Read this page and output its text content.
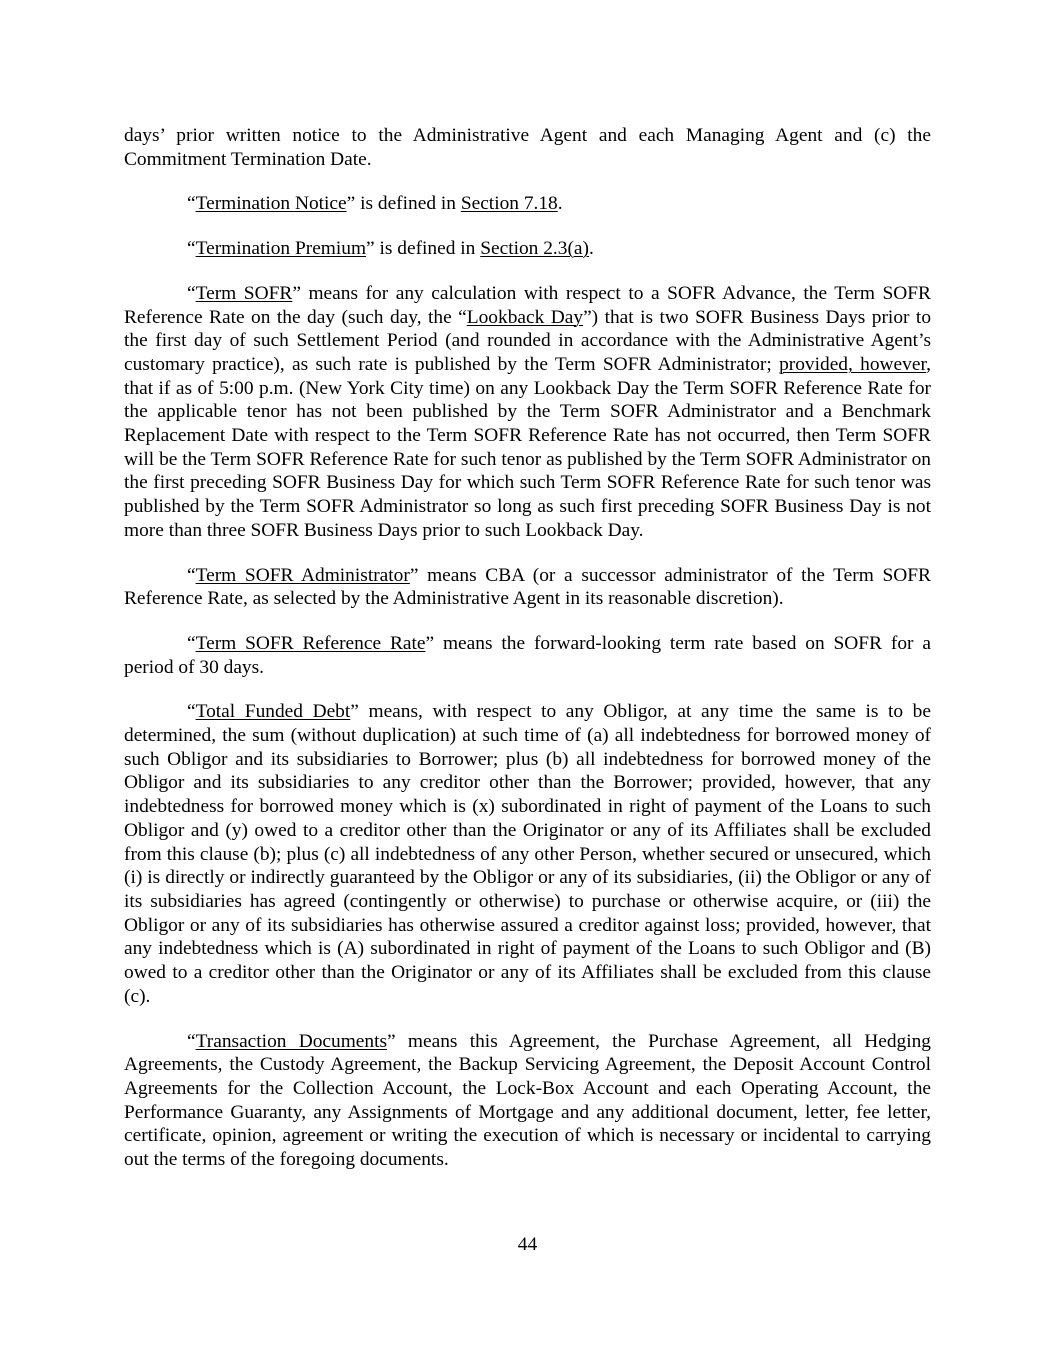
days’ prior written notice to the Administrative Agent and each Managing Agent and (c) the Commitment Termination Date.

“Termination Notice” is defined in Section 7.18.

“Termination Premium” is defined in Section 2.3(a).

“Term SOFR” means for any calculation with respect to a SOFR Advance, the Term SOFR Reference Rate on the day (such day, the “Lookback Day”) that is two SOFR Business Days prior to the first day of such Settlement Period (and rounded in accordance with the Administrative Agent’s customary practice), as such rate is published by the Term SOFR Administrator; provided, however, that if as of 5:00 p.m. (New York City time) on any Lookback Day the Term SOFR Reference Rate for the applicable tenor has not been published by the Term SOFR Administrator and a Benchmark Replacement Date with respect to the Term SOFR Reference Rate has not occurred, then Term SOFR will be the Term SOFR Reference Rate for such tenor as published by the Term SOFR Administrator on the first preceding SOFR Business Day for which such Term SOFR Reference Rate for such tenor was published by the Term SOFR Administrator so long as such first preceding SOFR Business Day is not more than three SOFR Business Days prior to such Lookback Day.

“Term SOFR Administrator” means CBA (or a successor administrator of the Term SOFR Reference Rate, as selected by the Administrative Agent in its reasonable discretion).

“Term SOFR Reference Rate” means the forward-looking term rate based on SOFR for a period of 30 days.

“Total Funded Debt” means, with respect to any Obligor, at any time the same is to be determined, the sum (without duplication) at such time of (a) all indebtedness for borrowed money of such Obligor and its subsidiaries to Borrower; plus (b) all indebtedness for borrowed money of the Obligor and its subsidiaries to any creditor other than the Borrower; provided, however, that any indebtedness for borrowed money which is (x) subordinated in right of payment of the Loans to such Obligor and (y) owed to a creditor other than the Originator or any of its Affiliates shall be excluded from this clause (b); plus (c) all indebtedness of any other Person, whether secured or unsecured, which (i) is directly or indirectly guaranteed by the Obligor or any of its subsidiaries, (ii) the Obligor or any of its subsidiaries has agreed (contingently or otherwise) to purchase or otherwise acquire, or (iii) the Obligor or any of its subsidiaries has otherwise assured a creditor against loss; provided, however, that any indebtedness which is (A) subordinated in right of payment of the Loans to such Obligor and (B) owed to a creditor other than the Originator or any of its Affiliates shall be excluded from this clause (c).

“Transaction Documents” means this Agreement, the Purchase Agreement, all Hedging Agreements, the Custody Agreement, the Backup Servicing Agreement, the Deposit Account Control Agreements for the Collection Account, the Lock-Box Account and each Operating Account, the Performance Guaranty, any Assignments of Mortgage and any additional document, letter, fee letter, certificate, opinion, agreement or writing the execution of which is necessary or incidental to carrying out the terms of the foregoing documents.

44
